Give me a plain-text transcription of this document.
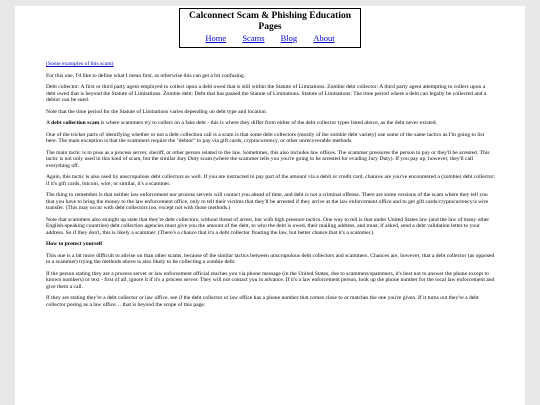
Calconnect Scam & Phishing Education Pages
Home Scams Blog About

(Some examples of this scam)

For this one, I'd like to define what I mean first, as otherwise this can get a bit confusing.

Debt collector: A first or third party agent employed to collect upon a debt owed that is still within the Statute of Limitations. Zombie debt collector: A third party agent attempting to collect upon a debt owed that is beyond the Statute of Limitations. Zombie debt: Debt that has passed the Statute of Limitations. Statute of Limitations: The time period where a debt can legally be collected and a debtor can be sued.

Note that the time period for the Statute of Limitations varies depending on debt type and location.

A debt collection scam is where scammers try to collect on a fake debt - this is where they differ from either of the debt collector types listed above, as the debt never existed.

One of the tricker parts of identifying whether or not a debt collection call is a scam is that some debt collectors (mostly of the zombie debt variety) use some of the same tactics as I'm going to list here. The main exception is that the scammers require the "debtor" to pay via gift cards, cryptocurrency, or other unrecoverable methods.

The main tactic is to pose as a process server, sheriff, or other person related to the law. Sometimes, this also includes law offices. The scammer pressures the person to pay or they'll be arrested. This tactic is not only used in this kind of scam, but the similar Jury Duty scam (where the scammer tells you you're going to be arrested for evading Jury Duty). If you pay up, however, they'll call everything off.

Again, this tactic is also used by unscrupulous debt collectors as well. If you are instructed to pay part of the amount via a debit or credit card, chances are you've encountered a (zombie) debt collector; if it's gift cards, bitcoin, wire, or similar, it's a scammer.

The thing to remember is that neither law enforcement nor process servers will contact you ahead of time, and debt is not a criminal offense. There are some versions of the scam where they tell you that you have to bring the money to the law enforcement office, only to tell their victims that they'll be arrested if they arrive at the law enforcement office and to get gift cards/cryptocurrency/a wire transfer. (This may occur with debt collectors too, except not with those methods.)

Note that scammers also straight up state that they're debt collectors, without threat of arrest, but with high pressure tactics. One way to tell is that under United States law (and the law of many other English-speaking countries) debt collection agencies must give you the amount of the debt, to who the debt is owed, their mailing address, and must, if asked, send a debt validation letter to your address. So if they don't, this is likely a scammer. (There's a chance that it's a debt collector flouting the law, but better chance that it's a scammer.)

How to protect yourself

This one is a bit more difficult to advise on than other scams, because of the similar tactics between unscrupulous debt collectors and scammers. Chances are, however, that a debt collector (as opposed to a scammer) trying the methods above is also likely to be collecting a zombie debt.

If the person stating they are a process server or law enforcement official reaches you via phone message (in the United States, due to scammers/spammers, it's best not to answer the phone except to known numbers) or text - first of all, ignore it if it's a process server. They will not contact you in advance. If it's a law enforcement person, look up the phone number for the local law enforcement and give them a call.

If they are stating they're a debt collector or law office, see if the debt collector or law office has a phone number that comes close to or matches the one you're given. If it turns out they're a debt collector posing as a law office… that is beyond the scope of this page.
